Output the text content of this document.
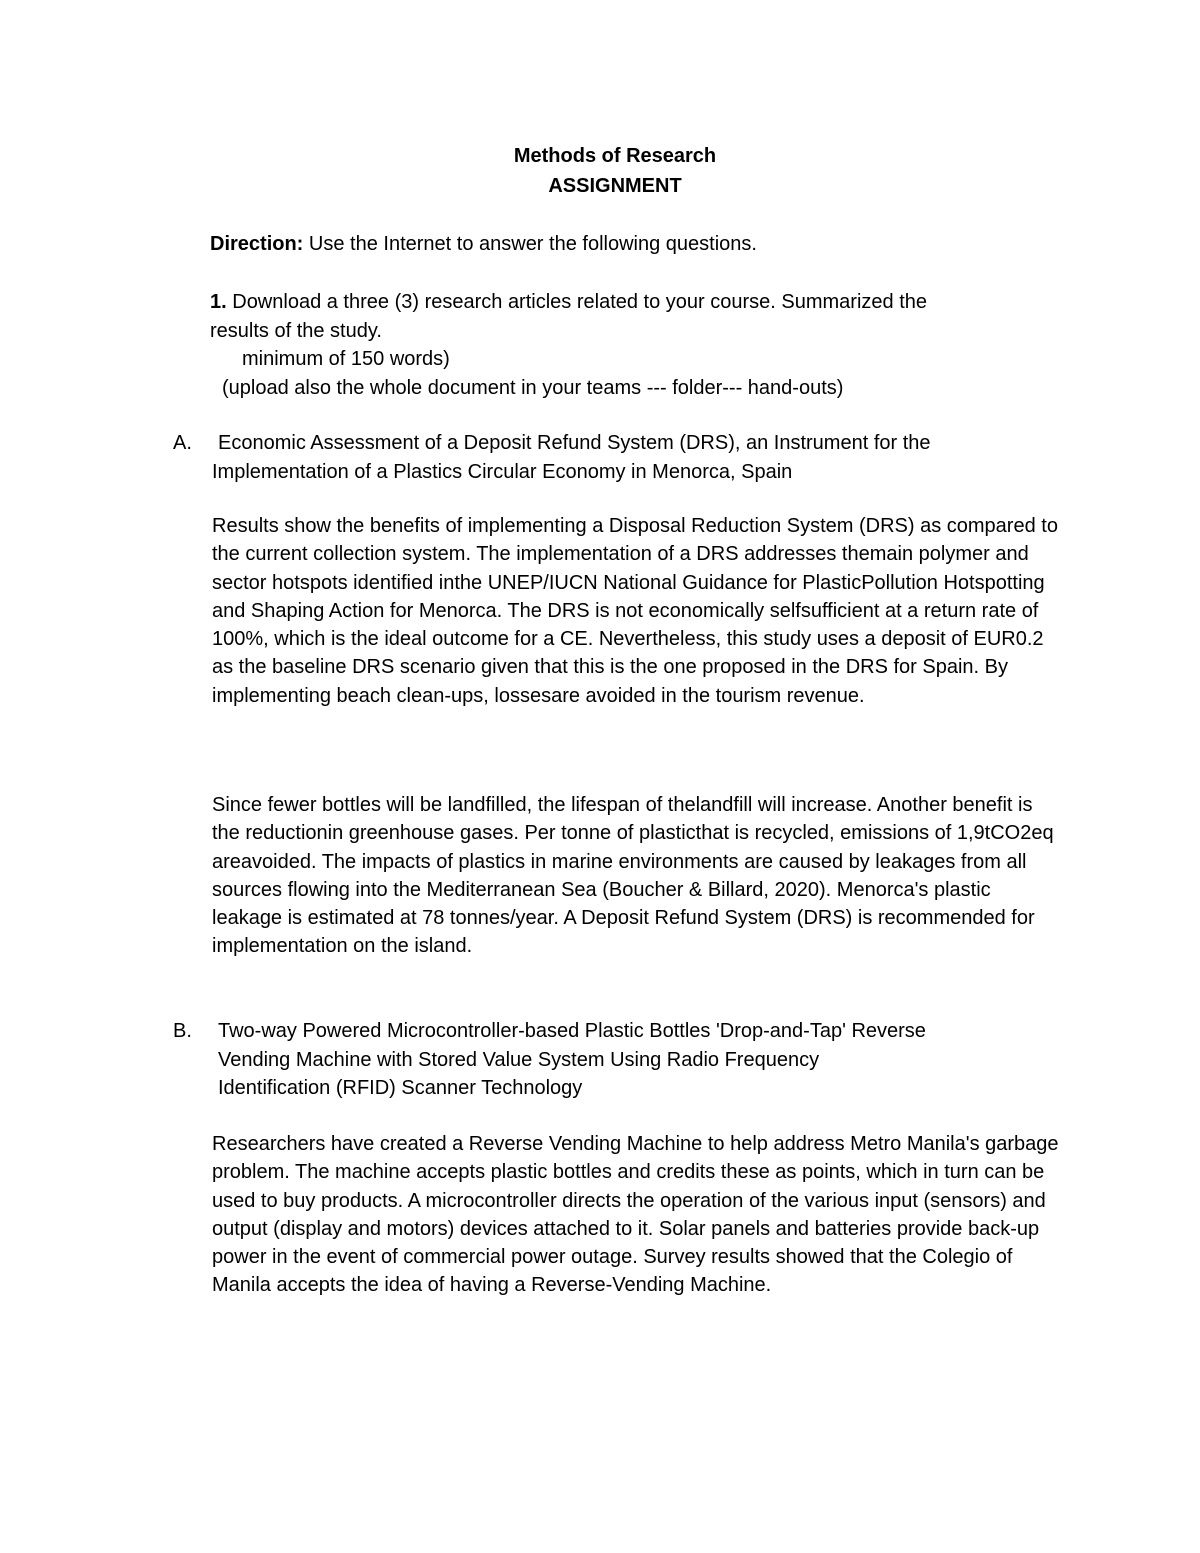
Methods of Research
ASSIGNMENT
Direction: Use the Internet to answer the following questions.
1. Download a three (3) research articles related to your course. Summarized the
results of the study.
minimum of 150 words)
(upload also the whole document in your teams --- folder--- hand-outs)
A. Economic Assessment of a Deposit Refund System (DRS), an Instrument for the
Implementation of a Plastics Circular Economy in Menorca, Spain
Results show the benefits of implementing a Disposal Reduction System (DRS) as compared to the current collection system. The implementation of a DRS addresses themain polymer and sector hotspots identified inthe UNEP/IUCN National Guidance for PlasticPollution Hotspotting and Shaping Action for Menorca. The DRS is not economically selfsufficient at a return rate of 100%, which is the ideal outcome for a CE. Nevertheless, this study uses a deposit of EUR0.2 as the baseline DRS scenario given that this is the one proposed in the DRS for Spain. By implementing beach clean-ups, lossesare avoided in the tourism revenue.
Since fewer bottles will be landfilled, the lifespan of thelandfill will increase. Another benefit is the reductionin greenhouse gases. Per tonne of plasticthat is recycled, emissions of 1,9tCO2eq areavoided. The impacts of plastics in marine environments are caused by leakages from all sources flowing into the Mediterranean Sea (Boucher & Billard, 2020). Menorca's plastic leakage is estimated at 78 tonnes/year. A Deposit Refund System (DRS) is recommended for implementation on the island.
B. Two-way Powered Microcontroller-based Plastic Bottles 'Drop-and-Tap' Reverse
Vending Machine with Stored Value System Using Radio Frequency
Identification (RFID) Scanner Technology
Researchers have created a Reverse Vending Machine to help address Metro Manila's garbage problem. The machine accepts plastic bottles and credits these as points, which in turn can be used to buy products. A microcontroller directs the operation of the various input (sensors) and output (display and motors) devices attached to it. Solar panels and batteries provide back-up power in the event of commercial power outage. Survey results showed that the Colegio of Manila accepts the idea of having a Reverse-Vending Machine.
